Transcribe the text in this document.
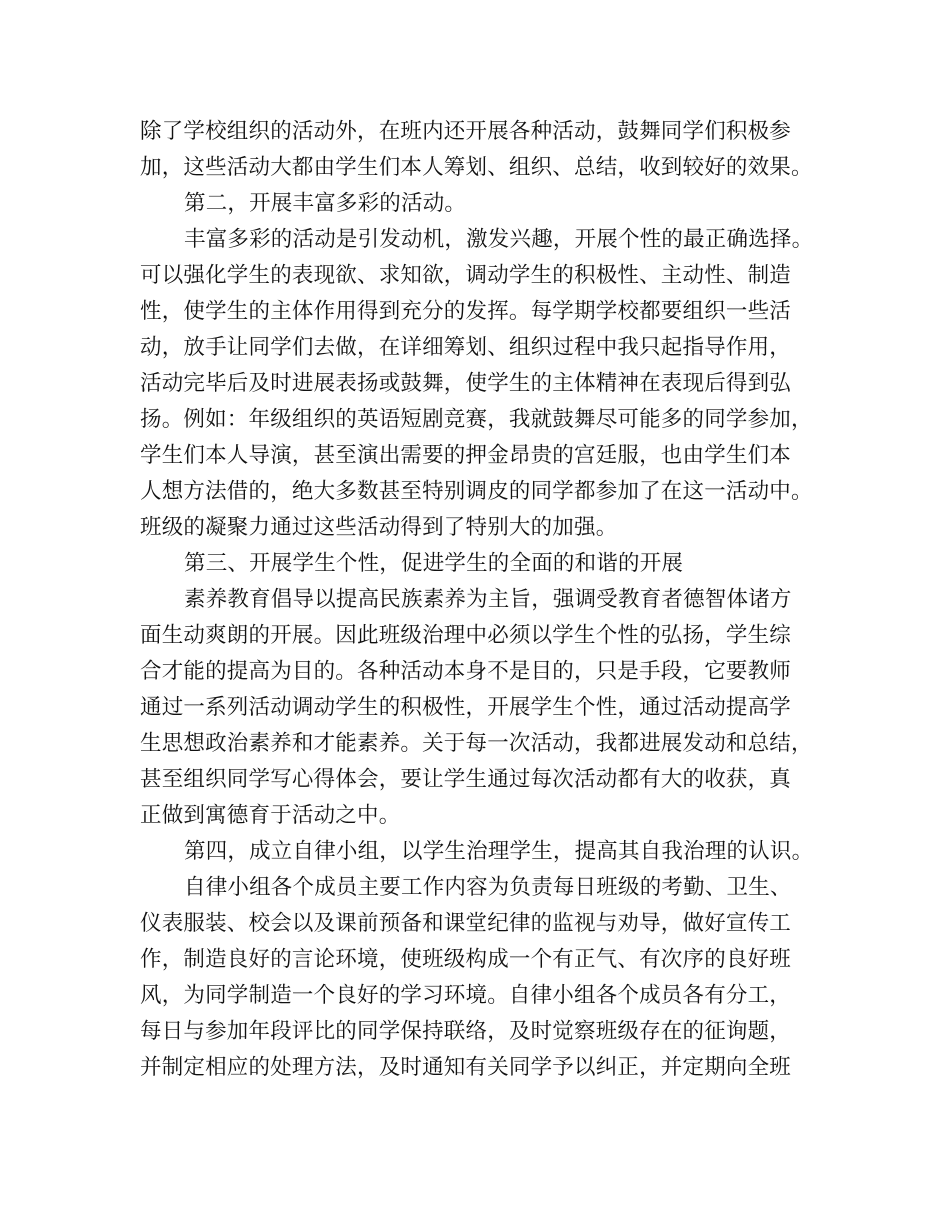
除了学校组织的活动外，在班内还开展各种活动，鼓舞同学们积极参
加，这些活动大都由学生们本人筹划、组织、总结，收到较好的效果。
第二，开展丰富多彩的活动。
丰富多彩的活动是引发动机，激发兴趣，开展个性的最正确选择。
可以强化学生的表现欲、求知欲，调动学生的积极性、主动性、制造
性，使学生的主体作用得到充分的发挥。每学期学校都要组织一些活
动，放手让同学们去做，在详细筹划、组织过程中我只起指导作用，
活动完毕后及时进展表扬或鼓舞，使学生的主体精神在表现后得到弘
扬。例如：年级组织的英语短剧竞赛，我就鼓舞尽可能多的同学参加，
学生们本人导演，甚至演出需要的押金昂贵的宫廷服，也由学生们本
人想方法借的，绝大多数甚至特别调皮的同学都参加了在这一活动中。
班级的凝聚力通过这些活动得到了特别大的加强。
第三、开展学生个性，促进学生的全面的和谐的开展
素养教育倡导以提高民族素养为主旨，强调受教育者德智体诸方
面生动爽朗的开展。因此班级治理中必须以学生个性的弘扬，学生综
合才能的提高为目的。各种活动本身不是目的，只是手段，它要教师
通过一系列活动调动学生的积极性，开展学生个性，通过活动提高学
生思想政治素养和才能素养。关于每一次活动，我都进展发动和总结，
甚至组织同学写心得体会，要让学生通过每次活动都有大的收获，真
正做到寓德育于活动之中。
第四，成立自律小组，以学生治理学生，提高其自我治理的认识。
自律小组各个成员主要工作内容为负责每日班级的考勤、卫生、
仪表服装、校会以及课前预备和课堂纪律的监视与劝导，做好宣传工
作，制造良好的言论环境，使班级构成一个有正气、有次序的良好班
风，为同学制造一个良好的学习环境。自律小组各个成员各有分工，
每日与参加年段评比的同学保持联络，及时觉察班级存在的征询题，
并制定相应的处理方法，及时通知有关同学予以纠正，并定期向全班
